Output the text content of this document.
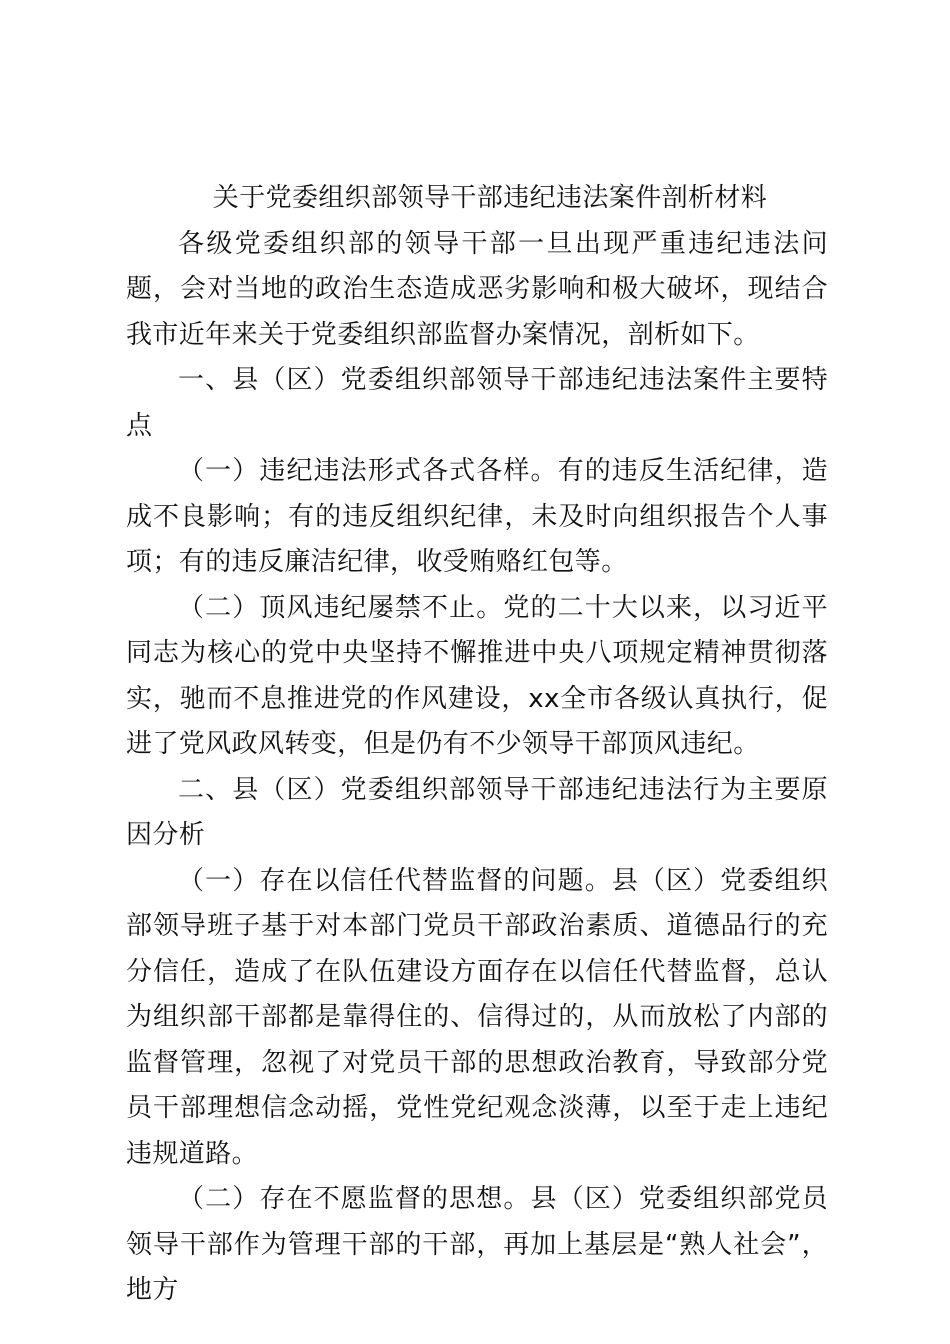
关于党委组织部领导干部违纪违法案件剖析材料

各级党委组织部的领导干部一旦出现严重违纪违法问题，会对当地的政治生态造成恶劣影响和极大破坏，现结合我市近年来关于党委组织部监督办案情况，剖析如下。

一、县（区）党委组织部领导干部违纪违法案件主要特点

（一）违纪违法形式各式各样。有的违反生活纪律，造成不良影响；有的违反组织纪律，未及时向组织报告个人事项；有的违反廉洁纪律，收受贿赂红包等。

（二）顶风违纪屡禁不止。党的二十大以来，以习近平同志为核心的党中央坚持不懈推进中央八项规定精神贯彻落实，驰而不息推进党的作风建设，xx全市各级认真执行，促进了党风政风转变，但是仍有不少领导干部顶风违纪。

二、县（区）党委组织部领导干部违纪违法行为主要原因分析

（一）存在以信任代替监督的问题。县（区）党委组织部领导班子基于对本部门党员干部政治素质、道德品行的充分信任，造成了在队伍建设方面存在以信任代替监督，总认为组织部干部都是靠得住的、信得过的，从而放松了内部的监督管理，忽视了对党员干部的思想政治教育，导致部分党员干部理想信念动摇，党性党纪观念淡薄，以至于走上违纪违规道路。

（二）存在不愿监督的思想。县（区）党委组织部党员领导干部作为管理干部的干部，再加上基层是“熟人社会”，地方
